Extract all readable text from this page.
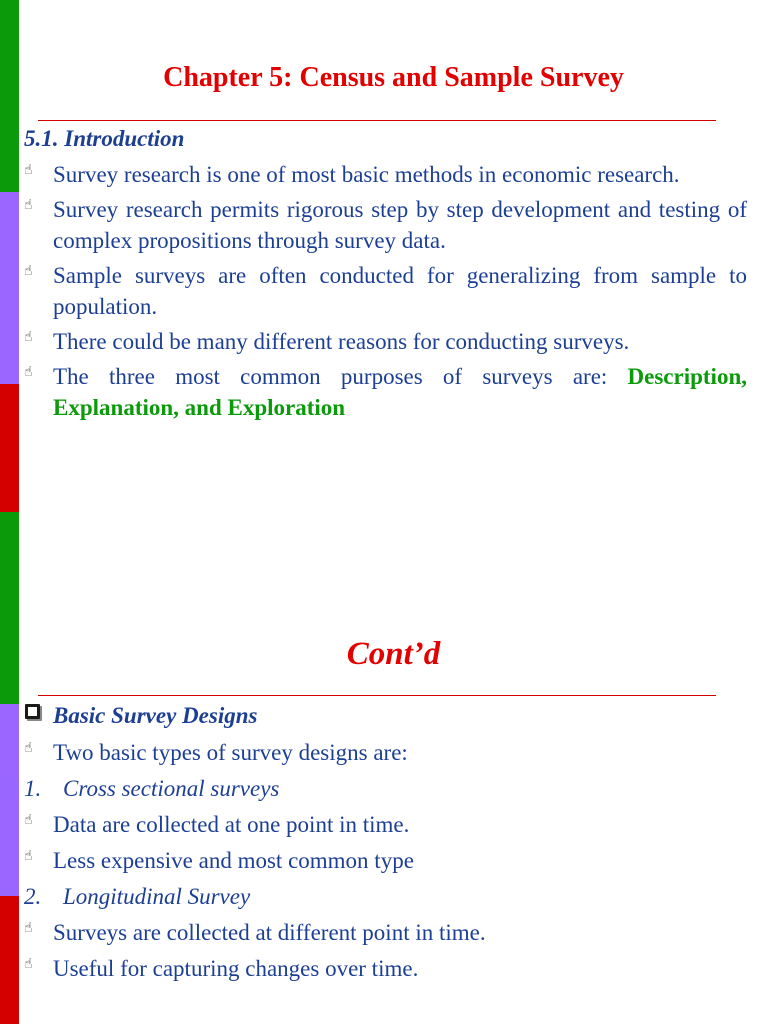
Chapter 5: Census and Sample Survey
5.1. Introduction
☝ Survey research is one of most basic methods in economic research.
☝ Survey research permits rigorous step by step development and testing of complex propositions through survey data.
☝ Sample surveys are often conducted for generalizing from sample to population.
☝ There could be many different reasons for conducting surveys.
☝ The three most common purposes of surveys are: Description, Explanation, and Exploration
Cont’d
Basic Survey Designs
☝ Two basic types of survey designs are:
1. Cross sectional surveys
☝ Data are collected at one point in time.
☝ Less expensive and most common type
2. Longitudinal Survey
☝ Surveys are collected at different point in time.
☝ Useful for capturing changes over time.
